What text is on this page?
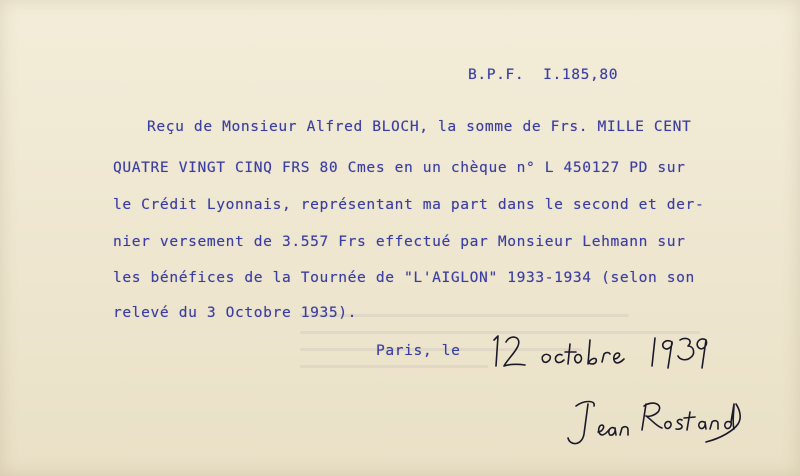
B.P.F.  I.185,80
Reçu de Monsieur Alfred BLOCH, la somme de Frs. MILLE CENT
QUATRE VINGT CINQ FRS 80 Cmes en un chèque n° L 450127 PD sur
le Crédit Lyonnais, représentant ma part dans le second et der-
nier versement de 3.557 Frs effectué par Monsieur Lehmann sur
les bénéfices de la Tournée de "L'AIGLON" 1933-1934 (selon son
relevé du 3 Octobre 1935).
Paris, le
